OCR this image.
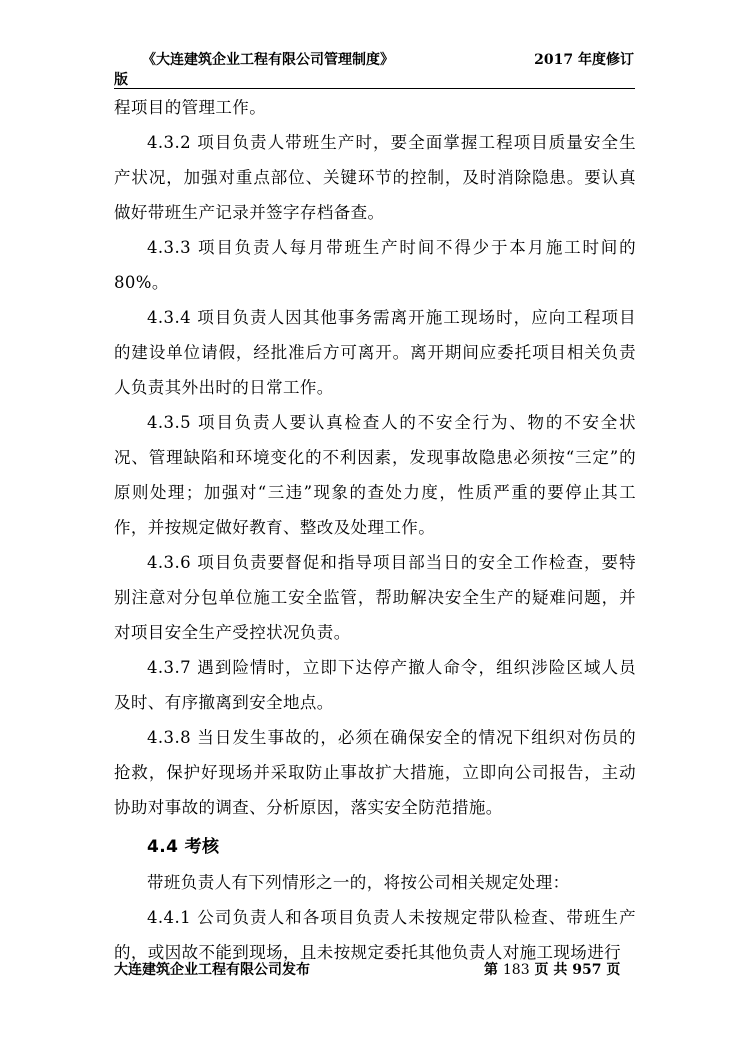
《大连建筑企业工程有限公司管理制度》	2017 年度修订
版

程项目的管理工作。

4.3.2 项目负责人带班生产时，要全面掌握工程项目质量安全生产状况，加强对重点部位、关键环节的控制，及时消除隐患。要认真做好带班生产记录并签字存档备查。

4.3.3 项目负责人每月带班生产时间不得少于本月施工时间的80%。

4.3.4 项目负责人因其他事务需离开施工现场时，应向工程项目的建设单位请假，经批准后方可离开。离开期间应委托项目相关负责人负责其外出时的日常工作。

4.3.5 项目负责人要认真检查人的不安全行为、物的不安全状况、管理缺陷和环境变化的不利因素，发现事故隐患必须按“三定”的原则处理；加强对“三违”现象的查处力度，性质严重的要停止其工作，并按规定做好教育、整改及处理工作。

4.3.6 项目负责要督促和指导项目部当日的安全工作检查，要特别注意对分包单位施工安全监管，帮助解决安全生产的疑难问题，并对项目安全生产受控状况负责。

4.3.7 遇到险情时，立即下达停产撤人命令，组织涉险区域人员及时、有序撤离到安全地点。

4.3.8 当日发生事故的，必须在确保安全的情况下组织对伤员的抢救，保护好现场并采取防止事故扩大措施，立即向公司报告，主动协助对事故的调查、分析原因，落实安全防范措施。

4.4 考核

带班负责人有下列情形之一的，将按公司相关规定处理：

4.4.1 公司负责人和各项目负责人未按规定带队检查、带班生产的，或因故不能到现场，且未按规定委托其他负责人对施工现场进行

大连建筑企业工程有限公司发布	第 183 页 共 957 页
